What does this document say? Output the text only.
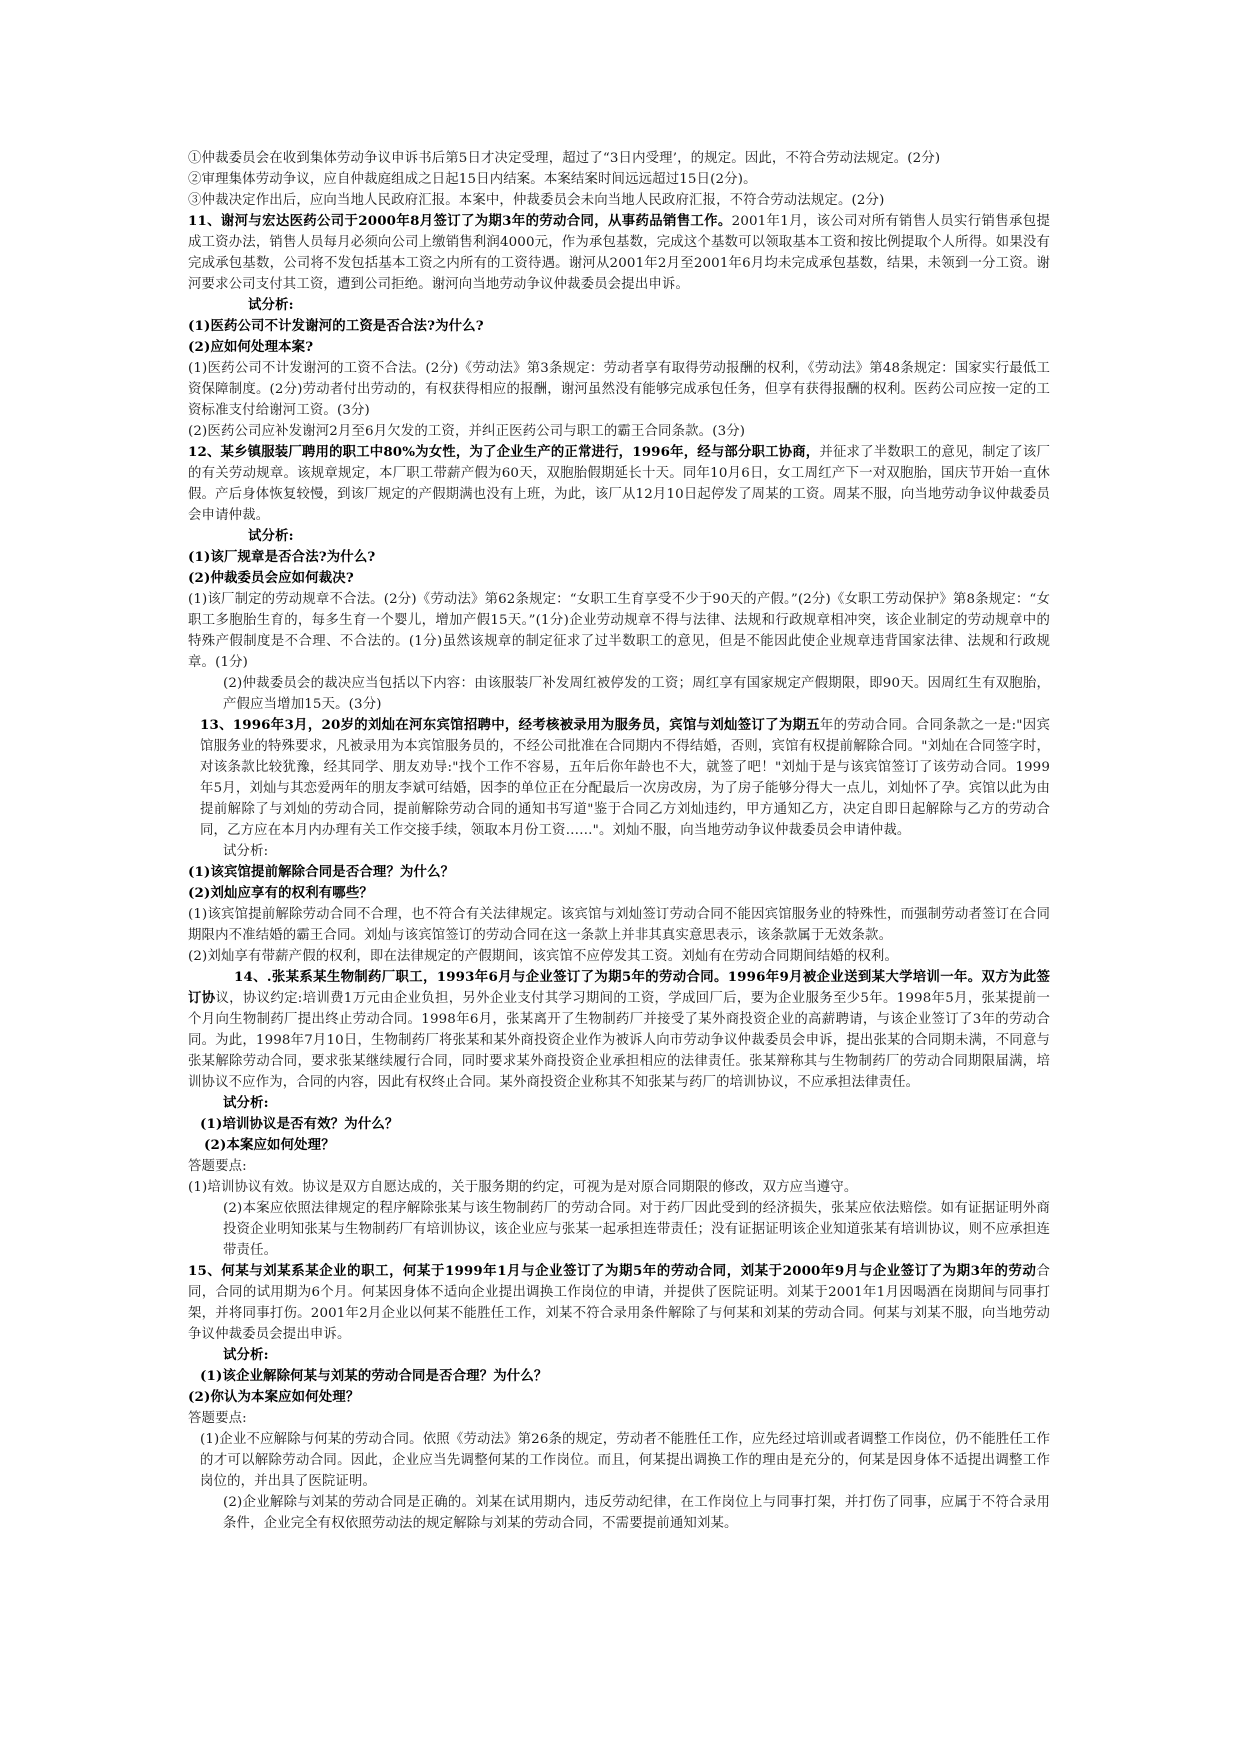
①仲裁委员会在收到集体劳动争议申诉书后第5日才决定受理，超过了“3日内受理’，的规定。因此，不符合劳动法规定。(2分)

②审理集体劳动争议，应自仲裁庭组成之日起15日内结案。本案结案时间远远超过15日(2分)。

③仲裁决定作出后，应向当地人民政府汇报。本案中，仲裁委员会未向当地人民政府汇报，不符合劳动法规定。(2分)

11、谢河与宏达医药公司于2000年8月签订了为期3年的劳动合同，从事药品销售工作。2001年1月，该公司对所有销售人员实行销售承包提成工资办法，销售人员每月必须向公司上缴销售利润4000元，作为承包基数，完成这个基数可以领取基本工资和按比例提取个人所得。如果没有完成承包基数，公司将不发包括基本工资之内所有的工资待遇。谢河从2001年2月至2001年6月均未完成承包基数，结果，未领到一分工资。谢河要求公司支付其工资，遭到公司拒绝。谢河向当地劳动争议仲裁委员会提出申诉。

试分析:

(1)医药公司不计发谢河的工资是否合法?为什么?

(2)应如何处理本案?

(1)医药公司不计发谢河的工资不合法。(2分)《劳动法》第3条规定：劳动者享有取得劳动报酬的权利，《劳动法》第48条规定：国家实行最低工资保障制度。(2分)劳动者付出劳动的，有权获得相应的报酬，谢河虽然没有能够完成承包任务，但享有获得报酬的权利。医药公司应按一定的工资标准支付给谢河工资。(3分)

(2)医药公司应补发谢河2月至6月欠发的工资，并纠正医药公司与职工的霸王合同条款。(3分)

12、某乡镇服装厂聘用的职工中80%为女性，为了企业生产的正常进行，1996年，经与部分职工协商，并征求了半数职工的意见，制定了该厂的有关劳动规章。该规章规定，本厂职工带薪产假为60天，双胞胎假期延长十天。同年10月6日，女工周红产下一对双胞胎，国庆节开始一直休假。产后身体恢复较慢，到该厂规定的产假期满也没有上班，为此，该厂从12月10日起停发了周某的工资。周某不服，向当地劳动争议仲裁委员会申请仲裁。

试分析:

(1)该厂规章是否合法?为什么?

(2)仲裁委员会应如何裁决?

(1)该厂制定的劳动规章不合法。(2分)《劳动法》第62条规定：“女职工生育享受不少于90天的产假。”(2分)《女职工劳动保护》第8条规定：“女职工多胞胎生育的，每多生育一个婴儿，增加产假15天。”(1分)企业劳动规章不得与法律、法规和行政规章相冲突，该企业制定的劳动规章中的特殊产假制度是不合理、不合法的。(1分)虽然该规章的制定征求了过半数职工的意见，但是不能因此使企业规章违背国家法律、法规和行政规章。(1分)

(2)仲裁委员会的裁决应当包括以下内容：由该服装厂补发周红被停发的工资；周红享有国家规定产假期限，即90天。因周红生有双胞胎，产假应当增加15天。(3分)

13、1996年3月，20岁的刘灿在河东宾馆招聘中，经考核被录用为服务员，宾馆与刘灿签订了为期五年的劳动合同。合同条款之一是:"因宾馆服务业的特殊要求，凡被录用为本宾馆服务员的，不经公司批准在合同期内不得结婚，否则，宾馆有权提前解除合同。"刘灿在合同签字时，对该条款比较犹豫，经其同学、朋友劝导:"找个工作不容易，五年后你年龄也不大，就签了吧！"刘灿于是与该宾馆签订了该劳动合同。1999年5月，刘灿与其恋爱两年的朋友李斌可结婚，因李的单位正在分配最后一次房改房，为了房子能够分得大一点儿，刘灿怀了孕。宾馆以此为由提前解除了与刘灿的劳动合同，提前解除劳动合同的通知书写道"鉴于合同乙方刘灿违约，甲方通知乙方，决定自即日起解除与乙方的劳动合同，乙方应在本月内办理有关工作交接手续，领取本月份工资……"。刘灿不服，向当地劳动争议仲裁委员会申请仲裁。

试分析:

(1)该宾馆提前解除合同是否合理？为什么？

(2)刘灿应享有的权利有哪些？

(1)该宾馆提前解除劳动合同不合理，也不符合有关法律规定。该宾馆与刘灿签订劳动合同不能因宾馆服务业的特殊性，而强制劳动者签订在合同期限内不准结婚的霸王合同。刘灿与该宾馆签订的劳动合同在这一条款上并非其真实意思表示，该条款属于无效条款。

(2)刘灿享有带薪产假的权利，即在法律规定的产假期间，该宾馆不应停发其工资。刘灿有在劳动合同期间结婚的权利。

14、.张某系某生物制药厂职工，1993年6月与企业签订了为期5年的劳动合同。1996年9月被企业送到某大学培训一年。双方为此签订协议，协议约定:培训费1万元由企业负担，另外企业支付其学习期间的工资，学成回厂后，要为企业服务至少5年。1998年5月，张某提前一个月向生物制药厂提出终止劳动合同。1998年6月，张某离开了生物制药厂并接受了某外商投资企业的高薪聘请，与该企业签订了3年的劳动合同。为此，1998年7月10日，生物制药厂将张某和某外商投资企业作为被诉人向市劳动争议仲裁委员会申诉，提出张某的合同期未满，不同意与张某解除劳动合同，要求张某继续履行合同，同时要求某外商投资企业承担相应的法律责任。张某辩称其与生物制药厂的劳动合同期限届满，培训协议不应作为，合同的内容，因此有权终止合同。某外商投资企业称其不知张某与药厂的培训协议，不应承担法律责任。

试分析:

(1)培训协议是否有效？为什么？

(2)本案应如何处理？

答题要点:

(1)培训协议有效。协议是双方自愿达成的，关于服务期的约定，可视为是对原合同期限的修改，双方应当遵守。

(2)本案应依照法律规定的程序解除张某与该生物制药厂的劳动合同。对于药厂因此受到的经济损失，张某应依法赔偿。如有证据证明外商投资企业明知张某与生物制药厂有培训协议，该企业应与张某一起承担连带责任；没有证据证明该企业知道张某有培训协议，则不应承担连带责任。

15、何某与刘某系某企业的职工，何某于1999年1月与企业签订了为期5年的劳动合同，刘某于2000年9月与企业签订了为期3年的劳动合同，合同的试用期为6个月。何某因身体不适向企业提出调换工作岗位的申请，并提供了医院证明。刘某于2001年1月因喝酒在岗期间与同事打架，并将同事打伤。2001年2月企业以何某不能胜任工作，刘某不符合录用条件解除了与何某和刘某的劳动合同。何某与刘某不服，向当地劳动争议仲裁委员会提出申诉。

试分析:

(1)该企业解除何某与刘某的劳动合同是否合理？为什么？

(2)你认为本案应如何处理？

答题要点:

(1)企业不应解除与何某的劳动合同。依照《劳动法》第26条的规定，劳动者不能胜任工作，应先经过培训或者调整工作岗位，仍不能胜任工作的才可以解除劳动合同。因此，企业应当先调整何某的工作岗位。而且，何某提出调换工作的理由是充分的，何某是因身体不适提出调整工作岗位的，并出具了医院证明。

(2)企业解除与刘某的劳动合同是正确的。刘某在试用期内，违反劳动纪律，在工作岗位上与同事打架，并打伤了同事，应属于不符合录用条件，企业完全有权依照劳动法的规定解除与刘某的劳动合同，不需要提前通知刘某。
